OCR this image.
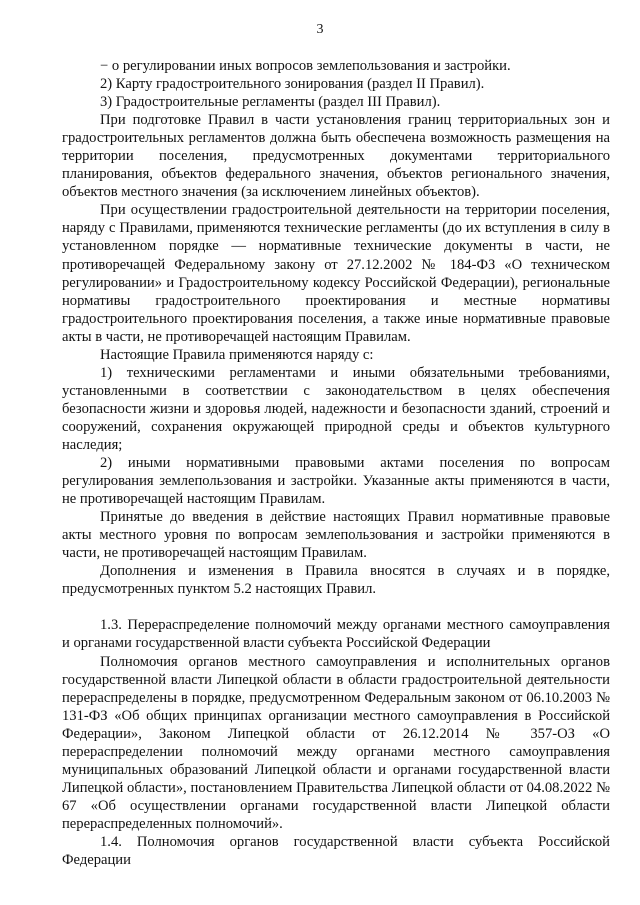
3

− о регулировании иных вопросов землепользования и застройки.

2) Карту градостроительного зонирования (раздел II Правил).

3) Градостроительные регламенты (раздел III Правил).

При подготовке Правил в части установления границ территориальных зон и градостроительных регламентов должна быть обеспечена возможность размещения на территории поселения, предусмотренных документами территориального планирования, объектов федерального значения, объектов регионального значения, объектов местного значения (за исключением линейных объектов).

При осуществлении градостроительной деятельности на территории поселения, наряду с Правилами, применяются технические регламенты (до их вступления в силу в установленном порядке — нормативные технические документы в части, не противоречащей Федеральному закону от 27.12.2002 № 184-ФЗ «О техническом регулировании» и Градостроительному кодексу Российской Федерации), региональные нормативы градостроительного проектирования и местные нормативы градостроительного проектирования поселения, а также иные нормативные правовые акты в части, не противоречащей настоящим Правилам.

Настоящие Правила применяются наряду с:

1) техническими регламентами и иными обязательными требованиями, установленными в соответствии с законодательством в целях обеспечения безопасности жизни и здоровья людей, надежности и безопасности зданий, строений и сооружений, сохранения окружающей природной среды и объектов культурного наследия;

2) иными нормативными правовыми актами поселения по вопросам регулирования землепользования и застройки. Указанные акты применяются в части, не противоречащей настоящим Правилам.

Принятые до введения в действие настоящих Правил нормативные правовые акты местного уровня по вопросам землепользования и застройки применяются в части, не противоречащей настоящим Правилам.

Дополнения и изменения в Правила вносятся в случаях и в порядке, предусмотренных пунктом 5.2 настоящих Правил.

1.3. Перераспределение полномочий между органами местного самоуправления и органами государственной власти субъекта Российской Федерации

Полномочия органов местного самоуправления и исполнительных органов государственной власти Липецкой области в области градостроительной деятельности перераспределены в порядке, предусмотренном Федеральным законом от 06.10.2003 № 131-ФЗ «Об общих принципах организации местного самоуправления в Российской Федерации», Законом Липецкой области от 26.12.2014 № 357-ОЗ «О перераспределении полномочий между органами местного самоуправления муниципальных образований Липецкой области и органами государственной власти Липецкой области», постановлением Правительства Липецкой области от 04.08.2022 № 67 «Об осуществлении органами государственной власти Липецкой области перераспределенных полномочий».

1.4. Полномочия органов государственной власти субъекта Российской Федерации
